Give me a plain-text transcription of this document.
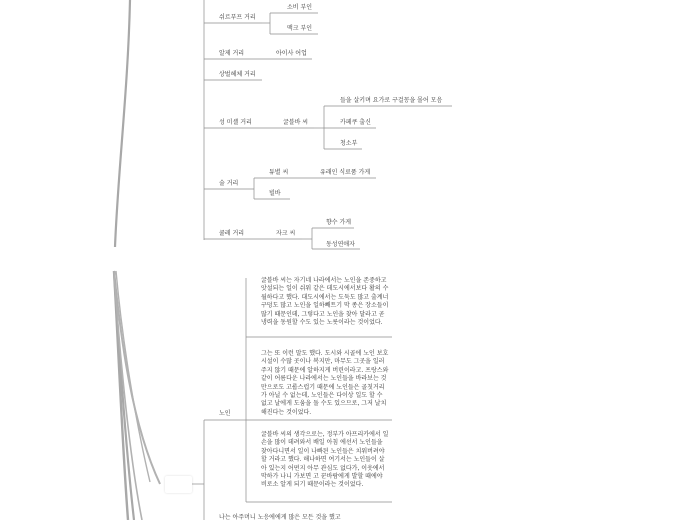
쉬르푸프 거리
소비 부인
맥크 부인
알제 거리	아이사 어업
상벌헤체 거리
성 미셸 거리	굴블바 씨
들을 살키며 요가로 구걸꽁을 몰어 모음
카페쿠 출신
청소부
술 거리
튜별 씨	유래인 식료품 가게
빌바
쿨레 거리	자크 씨
향수 가게
동성연애자
노인
굴블바 씨는 자기네 나라에서는 노인을 존중하고 앗설되는 일이 쉬워 같은 데도시에서보다 활의 수월하다고 했다. 대도시에서는 도둑도 많고 출계너 구덩도 많고 노인을 일하빼트기 막 종은 장소들이 많기 때문인데, 그렇다고 노인을 찾아 달라고 곧 냉력을 동원할 수도 있는 노릇이라는 것이었다.
그는 또 이런 말도 했다. 도시와 시골에 노인 보호시설이 수많 곳이나 복지만, 마무도 그곳을 일러주지 않기 때문에 알하지게 버린이라고. 프랑스와 같이 어름다운 나라에서는 노인들을 바라보는 것만으로도 고룹스럽기 때문에 노인들은 골칫거리가 아닐 수 없는데, 노인들은 다이상 일도 할 수 없고 날에게 도움을 돌 수도 있으므로, 그저 날치해진다는 것이었다.
굴블바 씨의 생각으로는, 정부가 아프리카에서 일손을 많이 데려와서 배일 아침 에선서 노인들을 찾아다니면서 일이 나빠된 노인들은 치워버려야 할 거라고 했다. 해나하면 여기서는 노인들이 살아 있는지 어떤지 아무 관심도 없다가, 이웃에서 막하가 나니 가보면 고 꾼바람에게 발할 때에야 비로소 알게 되기 때문이라는 것이었다.
나는 아주머니 노응에에게 많은 모든 것을 했고
